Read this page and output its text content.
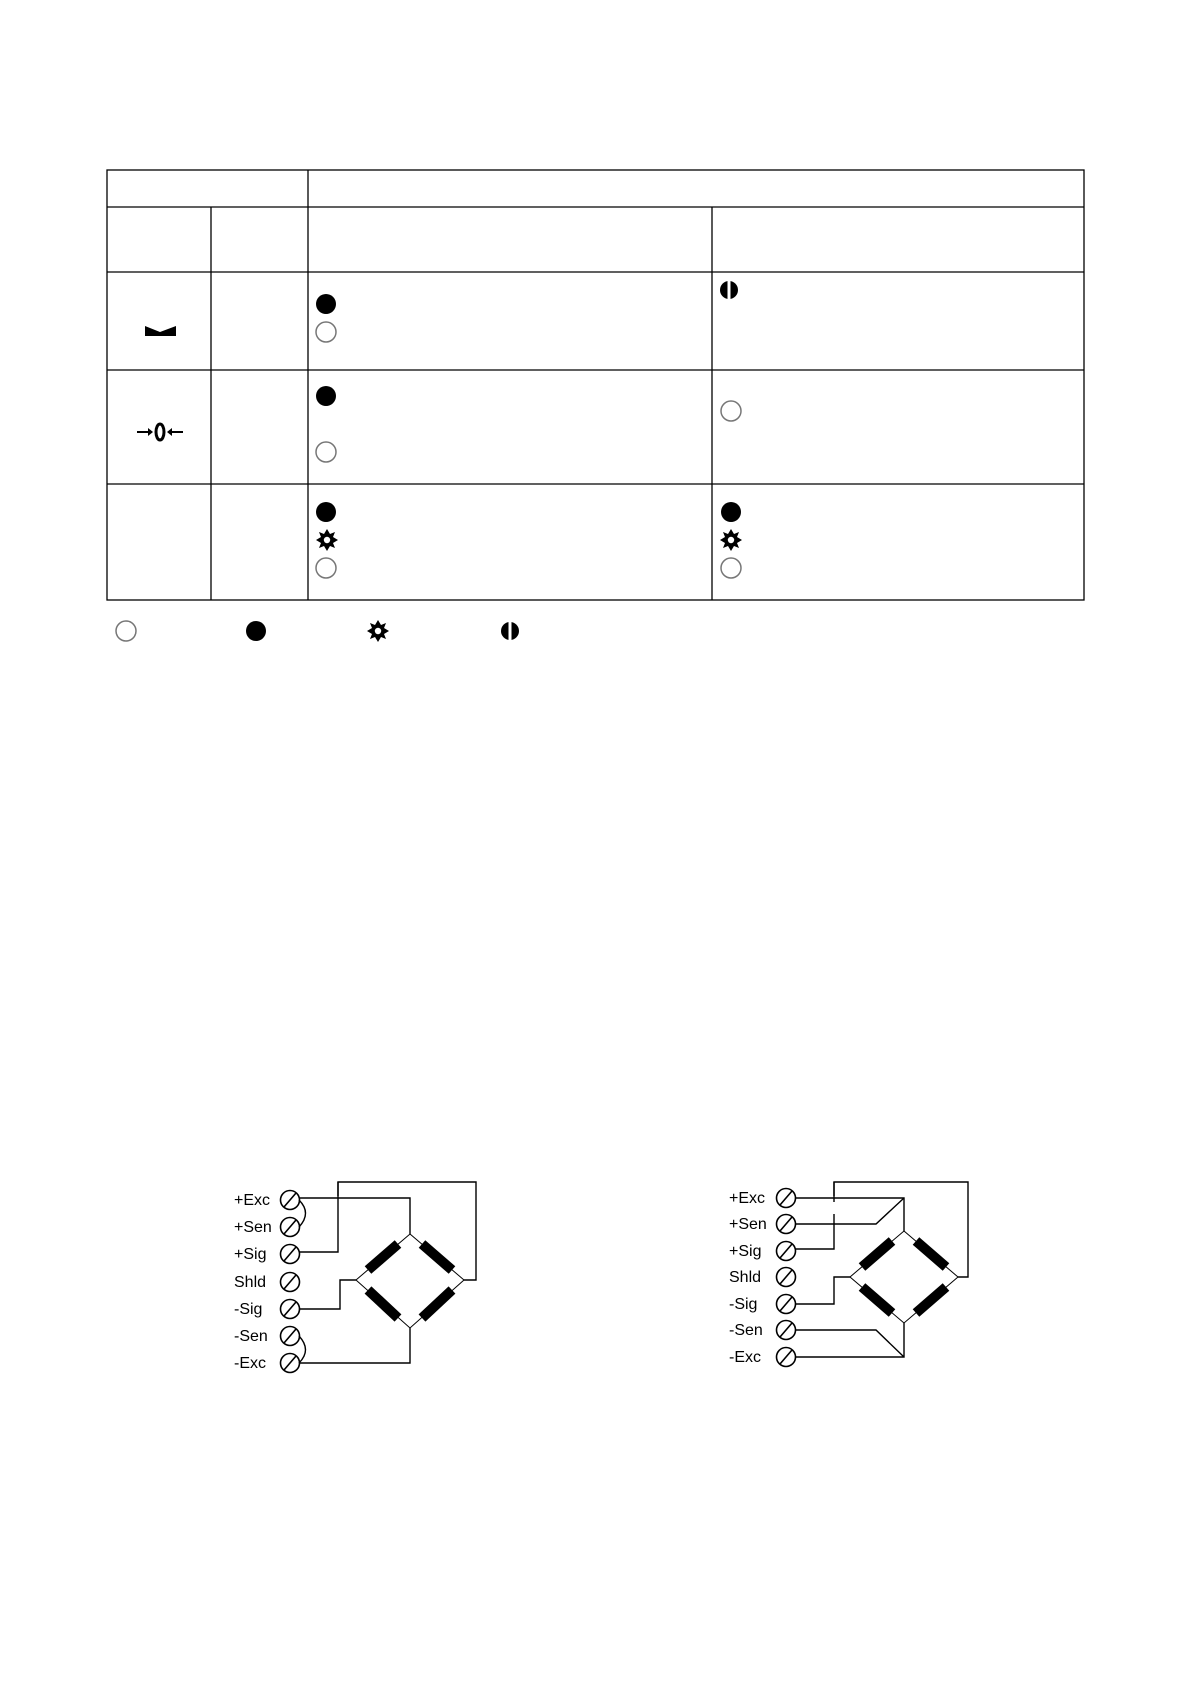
+Exc
+Sen
+Sig
Shld
-Sig
-Sen
-Exc
+Exc
+Sen
+Sig
Shld
-Sig
-Sen
-Exc
